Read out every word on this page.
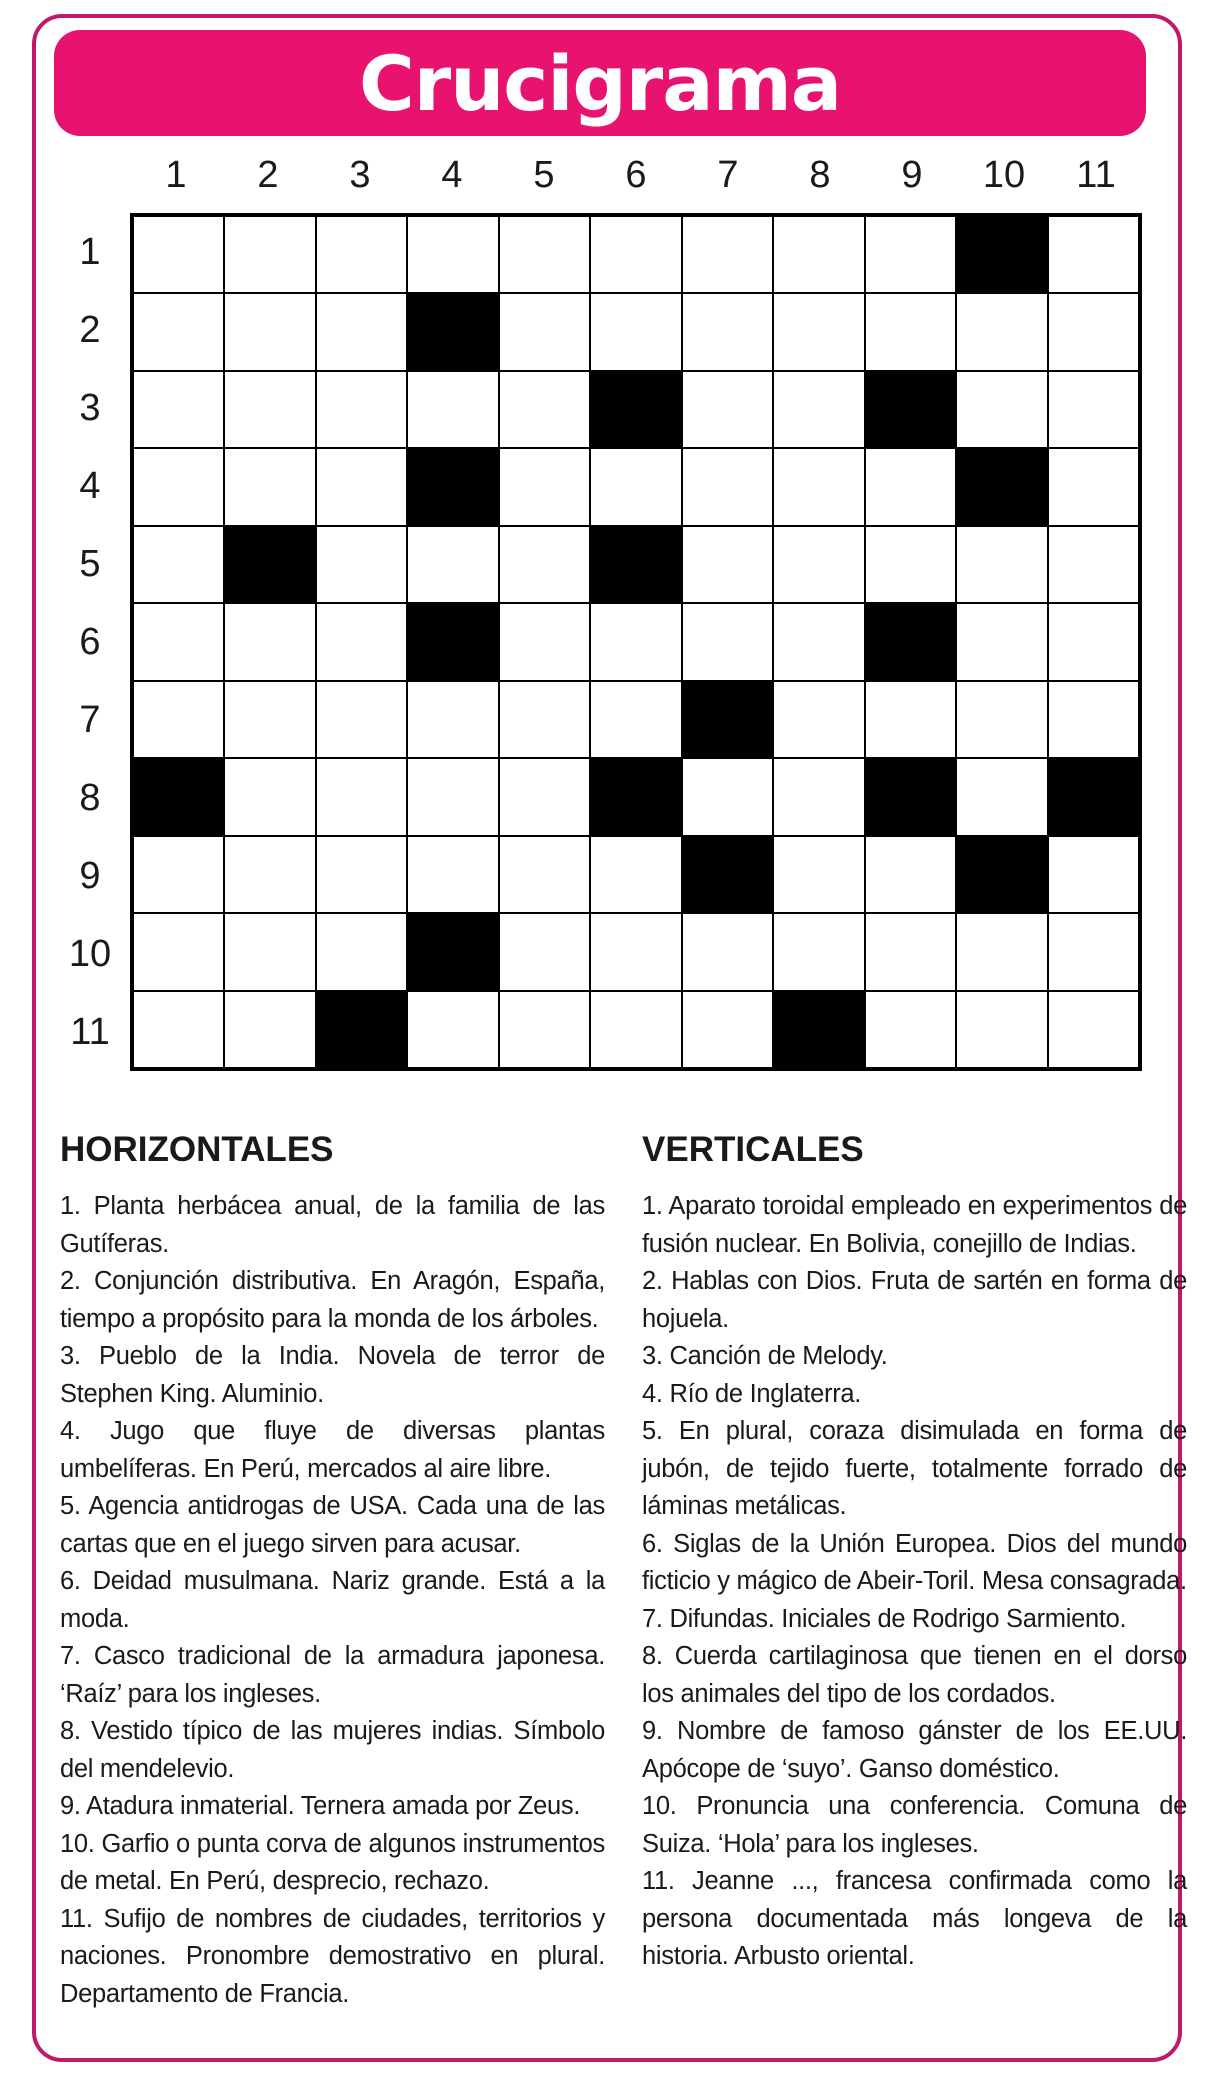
Crucigrama
1	2	3	4	5	6	7	8	9	10	11
1
2
3
4
5
6
7
8
9
10
11
HORIZONTALES

1. Planta herbácea anual, de la familia de las Gutíferas.

2. Conjunción distributiva. En Aragón, España, tiempo a propósito para la monda de los árboles.

3. Pueblo de la India. Novela de terror de Stephen King. Aluminio.

4. Jugo que fluye de diversas plantas umbelíferas. En Perú, mercados al aire libre.

5. Agencia antidrogas de USA. Cada una de las cartas que en el juego sirven para acusar.

6. Deidad musulmana. Nariz grande. Está a la moda.

7. Casco tradicional de la armadura japonesa. ‘Raíz’ para los ingleses.

8. Vestido típico de las mujeres indias. Símbolo del mendelevio.

9. Atadura inmaterial. Ternera amada por Zeus.

10. Garfio o punta corva de algunos instrumentos de metal. En Perú, desprecio, rechazo.

11. Sufijo de nombres de ciudades, territorios y naciones. Pronombre demostrativo en plural. Departamento de Francia.

VERTICALES

1. Aparato toroidal empleado en experimentos de fusión nuclear. En Bolivia, conejillo de Indias.

2. Hablas con Dios. Fruta de sartén en forma de hojuela.

3. Canción de Melody.

4. Río de Inglaterra.

5. En plural, coraza disimulada en forma de jubón, de tejido fuerte, totalmente forrado de láminas metálicas.

6. Siglas de la Unión Europea. Dios del mundo ficticio y mágico de Abeir-Toril. Mesa consagrada.

7. Difundas. Iniciales de Rodrigo Sarmiento.

8. Cuerda cartilaginosa que tienen en el dorso los animales del tipo de los cordados.

9. Nombre de famoso gánster de los EE.UU. Apócope de ‘suyo’. Ganso doméstico.

10. Pronuncia una conferencia. Comuna de Suiza. ‘Hola’ para los ingleses.

11. Jeanne ..., francesa confirmada como la persona documentada más longeva de la historia. Arbusto oriental.
